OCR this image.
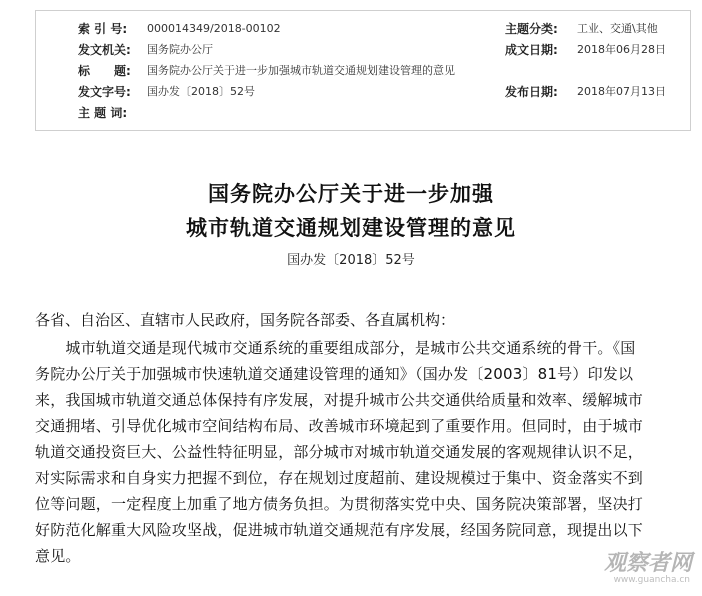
索 引 号: 000014349/2018-00102	主题分类: 工业、交通\其他
发文机关: 国务院办公厅	成文日期: 2018年06月28日
标　　题: 国务院办公厅关于进一步加强城市轨道交通规划建设管理的意见
发文字号: 国办发〔2018〕52号	发布日期: 2018年07月13日
主 题 词:
国务院办公厅关于进一步加强
城市轨道交通规划建设管理的意见
国办发〔2018〕52号
各省、自治区、直辖市人民政府，国务院各部委、各直属机构：
　　城市轨道交通是现代城市交通系统的重要组成部分，是城市公共交通系统的骨干。《国
务院办公厅关于加强城市快速轨道交通建设管理的通知》（国办发〔2003〕81号）印发以
来，我国城市轨道交通总体保持有序发展，对提升城市公共交通供给质量和效率、缓解城市
交通拥堵、引导优化城市空间结构布局、改善城市环境起到了重要作用。但同时，由于城市
轨道交通投资巨大、公益性特征明显，部分城市对城市轨道交通发展的客观规律认识不足，
对实际需求和自身实力把握不到位，存在规划过度超前、建设规模过于集中、资金落实不到
位等问题，一定程度上加重了地方债务负担。为贯彻落实党中央、国务院决策部署，坚决打
好防范化解重大风险攻坚战，促进城市轨道交通规范有序发展，经国务院同意，现提出以下
意见。	观察者网
www.guancha.cn
